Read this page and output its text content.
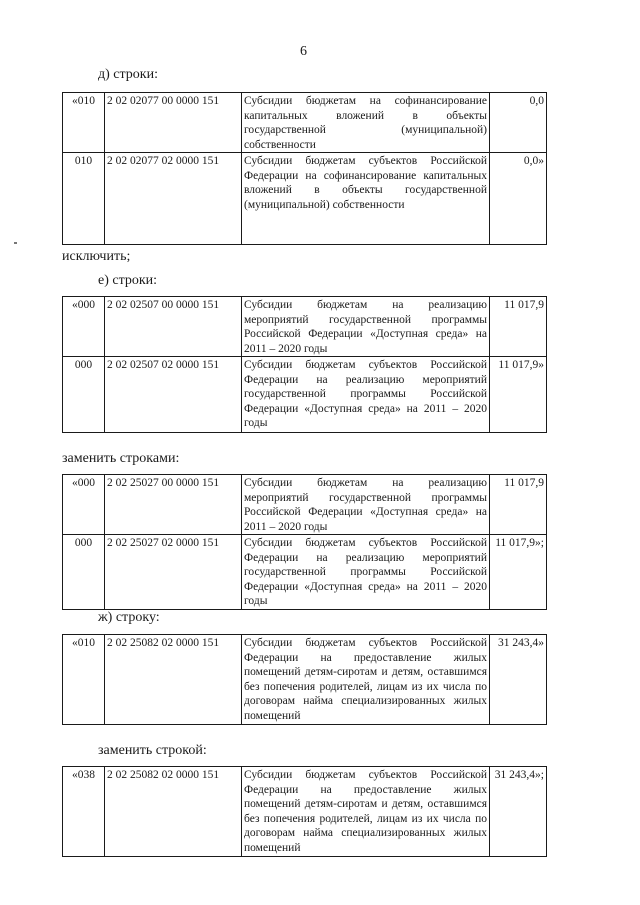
6
д) строки:
«010	2 02 02077 00 0000 151	Субсидии бюджетам на софинансирование капитальных вложений в объекты государственной (муниципальной) собственности	0,0
010	2 02 02077 02 0000 151	Субсидии бюджетам субъектов Российской Федерации на софинансирование капитальных вложений в объекты государственной (муниципальной) собственности	0,0»
исключить;
е) строки:
«000	2 02 02507 00 0000 151	Субсидии бюджетам на реализацию мероприятий государственной программы Российской Федерации «Доступная среда» на 2011 – 2020 годы	11 017,9
000	2 02 02507 02 0000 151	Субсидии бюджетам субъектов Российской Федерации на реализацию мероприятий государственной программы Российской Федерации «Доступная среда» на 2011 – 2020 годы	11 017,9»
заменить строками:
«000	2 02 25027 00 0000 151	Субсидии бюджетам на реализацию мероприятий государственной программы Российской Федерации «Доступная среда» на 2011 – 2020 годы	11 017,9
000	2 02 25027 02 0000 151	Субсидии бюджетам субъектов Российской Федерации на реализацию мероприятий государственной программы Российской Федерации «Доступная среда» на 2011 – 2020 годы	11 017,9»;
ж) строку:
«010	2 02 25082 02 0000 151	Субсидии бюджетам субъектов Российской Федерации на предоставление жилых помещений детям-сиротам и детям, оставшимся без попечения родителей, лицам из их числа по договорам найма специализированных жилых помещений	31 243,4»
заменить строкой:
«038	2 02 25082 02 0000 151	Субсидии бюджетам субъектов Российской Федерации на предоставление жилых помещений детям-сиротам и детям, оставшимся без попечения родителей, лицам из их числа по договорам найма специализированных жилых помещений	31 243,4»;
